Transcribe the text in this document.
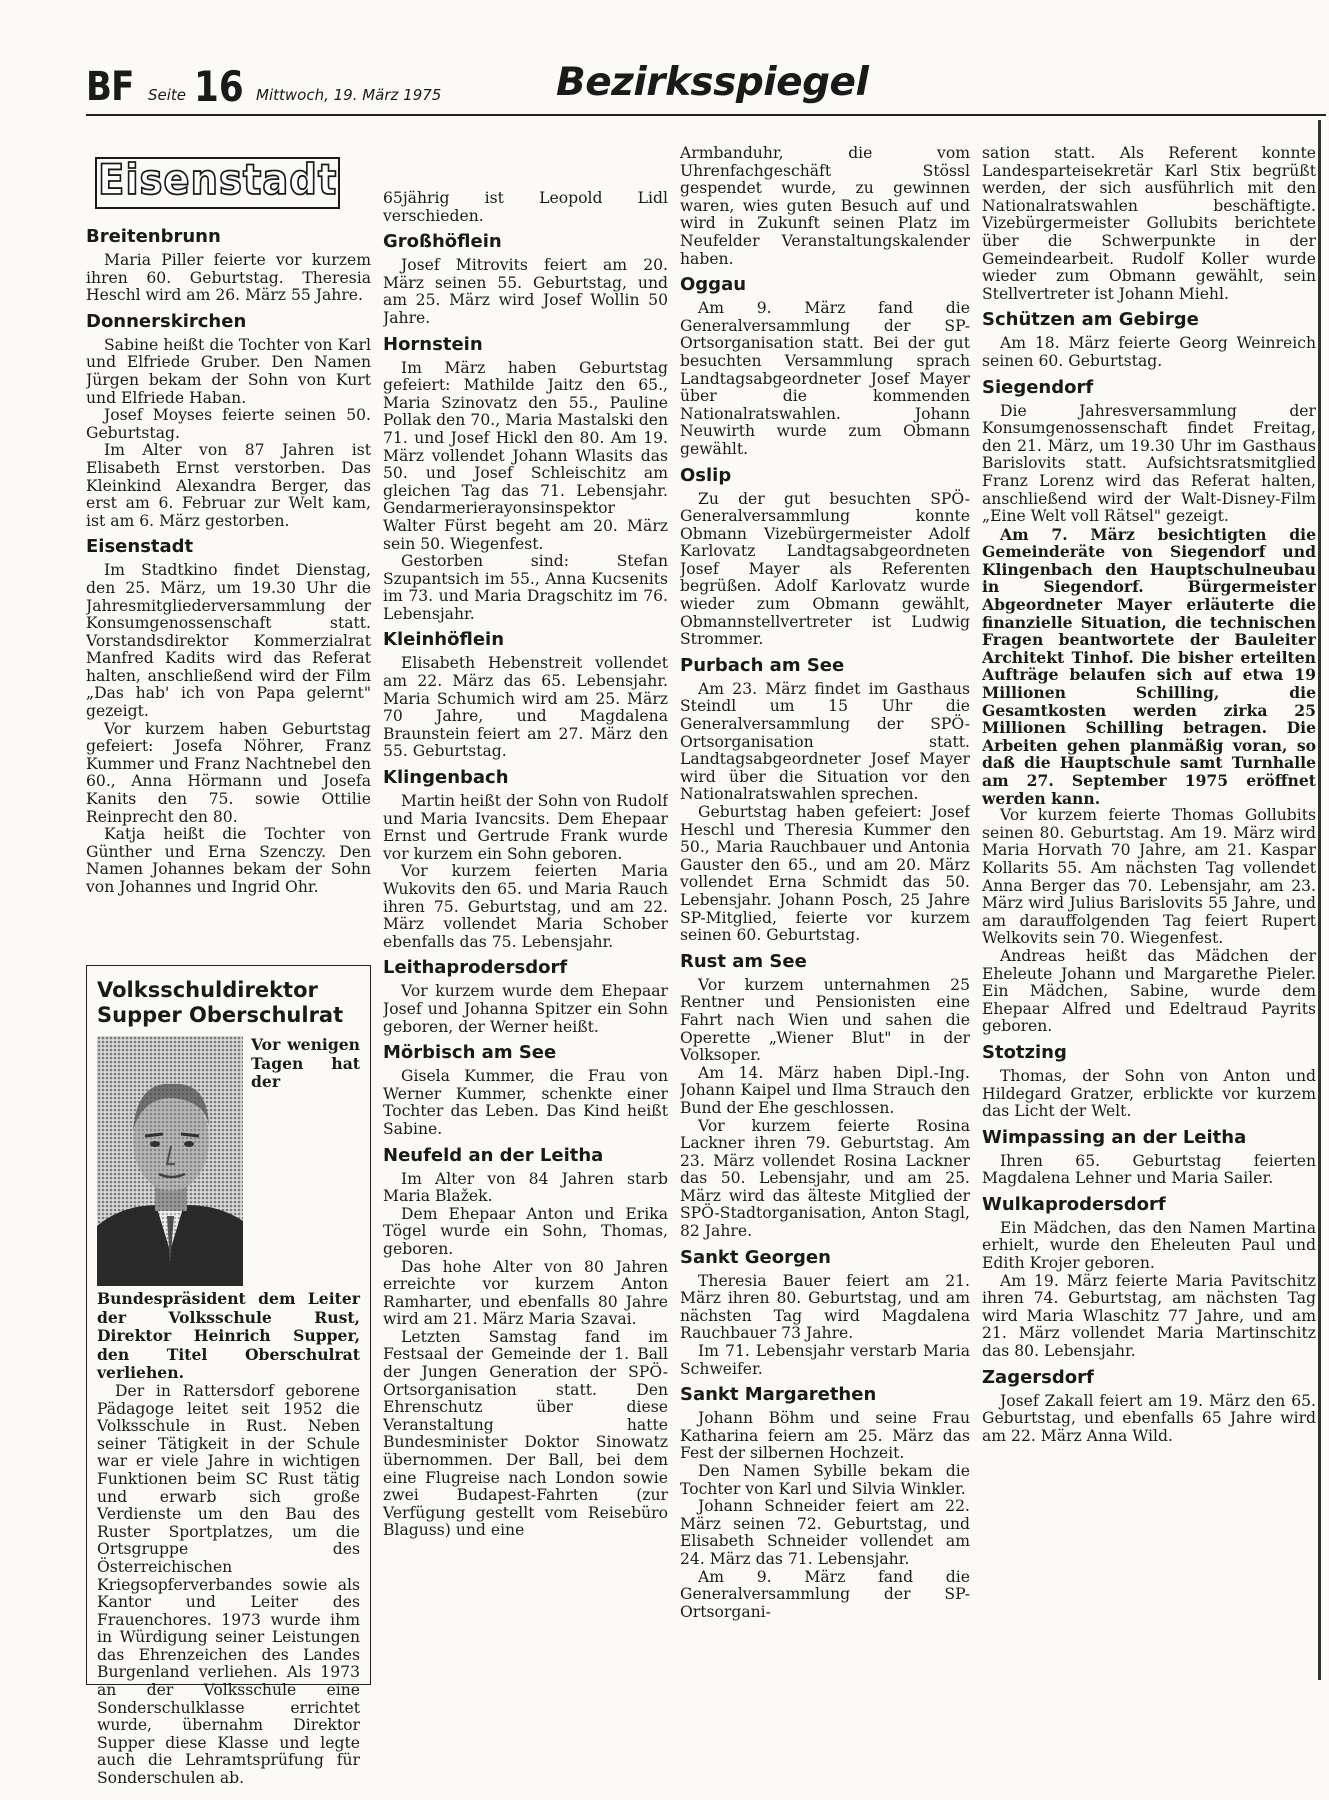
BF Seite 16 Mittwoch, 19. März 1975	Bezirksspiegel
Eisenstadt
Breitenbrunn

Maria Piller feierte vor kurzem ihren 60. Geburtstag. Theresia Heschl wird am 26. März 55 Jahre.

Donnerskirchen

Sabine heißt die Tochter von Karl und Elfriede Gruber. Den Namen Jürgen bekam der Sohn von Kurt und Elfriede Haban.

Josef Moyses feierte seinen 50. Geburtstag.

Im Alter von 87 Jahren ist Elisabeth Ernst verstorben. Das Kleinkind Alexandra Berger, das erst am 6. Februar zur Welt kam, ist am 6. März gestorben.

Eisenstadt

Im Stadtkino findet Dienstag, den 25. März, um 19.30 Uhr die Jahresmitgliederversammlung der Konsumgenossenschaft statt. Vorstandsdirektor Kommerzialrat Manfred Kadits wird das Referat halten, anschließend wird der Film „Das hab' ich von Papa gelernt" gezeigt.

Vor kurzem haben Geburtstag gefeiert: Josefa Nöhrer, Franz Kummer und Franz Nachtnebel den 60., Anna Hörmann und Josefa Kanits den 75. sowie Ottilie Reinprecht den 80.

Katja heißt die Tochter von Günther und Erna Szenczy. Den Namen Johannes bekam der Sohn von Johannes und Ingrid Ohr.

Volksschuldirektor Supper Oberschulrat

Vor wenigen Tagen hat der Bundespräsident dem Leiter der Volksschule Rust, Direktor Heinrich Supper, den Titel Oberschulrat verliehen.

Der in Rattersdorf geborene Pädagoge leitet seit 1952 die Volksschule in Rust. Neben seiner Tätigkeit in der Schule war er viele Jahre in wichtigen Funktionen beim SC Rust tätig und erwarb sich große Verdienste um den Bau des Ruster Sportplatzes, um die Ortsgruppe des Österreichischen Kriegsopferverbandes sowie als Kantor und Leiter des Frauenchores. 1973 wurde ihm in Würdigung seiner Leistungen das Ehrenzeichen des Landes Burgenland verliehen. Als 1973 an der Volksschule eine Sonderschulklasse errichtet wurde, übernahm Direktor Supper diese Klasse und legte auch die Lehramtsprüfung für Sonderschulen ab.

65jährig ist Leopold Lidl verschieden.

Großhöflein

Josef Mitrovits feiert am 20. März seinen 55. Geburtstag, und am 25. März wird Josef Wollin 50 Jahre.

Hornstein

Im März haben Geburtstag gefeiert: Mathilde Jaitz den 65., Maria Szinovatz den 55., Pauline Pollak den 70., Maria Mastalski den 71. und Josef Hickl den 80. Am 19. März vollendet Johann Wlasits das 50. und Josef Schleischitz am gleichen Tag das 71. Lebensjahr. Gendarmerierayonsinspektor Walter Fürst begeht am 20. März sein 50. Wiegenfest.

Gestorben sind: Stefan Szupantsich im 55., Anna Kucsenits im 73. und Maria Dragschitz im 76. Lebensjahr.

Kleinhöflein

Elisabeth Hebenstreit vollendet am 22. März das 65. Lebensjahr. Maria Schumich wird am 25. März 70 Jahre, und Magdalena Braunstein feiert am 27. März den 55. Geburtstag.

Klingenbach

Martin heißt der Sohn von Rudolf und Maria Ivancsits. Dem Ehepaar Ernst und Gertrude Frank wurde vor kurzem ein Sohn geboren.

Vor kurzem feierten Maria Wukovits den 65. und Maria Rauch ihren 75. Geburtstag, und am 22. März vollendet Maria Schober ebenfalls das 75. Lebensjahr.

Leithaprodersdorf

Vor kurzem wurde dem Ehepaar Josef und Johanna Spitzer ein Sohn geboren, der Werner heißt.

Mörbisch am See

Gisela Kummer, die Frau von Werner Kummer, schenkte einer Tochter das Leben. Das Kind heißt Sabine.

Neufeld an der Leitha

Im Alter von 84 Jahren starb Maria Blažek.

Dem Ehepaar Anton und Erika Tögel wurde ein Sohn, Thomas, geboren.

Das hohe Alter von 80 Jahren erreichte vor kurzem Anton Ramharter, und ebenfalls 80 Jahre wird am 21. März Maria Szavai.

Letzten Samstag fand im Festsaal der Gemeinde der 1. Ball der Jungen Generation der SPÖ-Ortsorganisation statt. Den Ehrenschutz über diese Veranstaltung hatte Bundesminister Doktor Sinowatz übernommen. Der Ball, bei dem eine Flugreise nach London sowie zwei Budapest-Fahrten (zur Verfügung gestellt vom Reisebüro Blaguss) und eine

Armbanduhr, die vom Uhrenfachgeschäft Stössl gespendet wurde, zu gewinnen waren, wies guten Besuch auf und wird in Zukunft seinen Platz im Neufelder Veranstaltungskalender haben.

Oggau

Am 9. März fand die Generalversammlung der SP-Ortsorganisation statt. Bei der gut besuchten Versammlung sprach Landtagsabgeordneter Josef Mayer über die kommenden Nationalratswahlen. Johann Neuwirth wurde zum Obmann gewählt.

Oslip

Zu der gut besuchten SPÖ-Generalversammlung konnte Obmann Vizebürgermeister Adolf Karlovatz Landtagsabgeordneten Josef Mayer als Referenten begrüßen. Adolf Karlovatz wurde wieder zum Obmann gewählt, Obmannstellvertreter ist Ludwig Strommer.

Purbach am See

Am 23. März findet im Gasthaus Steindl um 15 Uhr die Generalversammlung der SPÖ-Ortsorganisation statt. Landtagsabgeordneter Josef Mayer wird über die Situation vor den Nationalratswahlen sprechen.

Geburtstag haben gefeiert: Josef Heschl und Theresia Kummer den 50., Maria Rauchbauer und Antonia Gauster den 65., und am 20. März vollendet Erna Schmidt das 50. Lebensjahr. Johann Posch, 25 Jahre SP-Mitglied, feierte vor kurzem seinen 60. Geburtstag.

Rust am See

Vor kurzem unternahmen 25 Rentner und Pensionisten eine Fahrt nach Wien und sahen die Operette „Wiener Blut" in der Volksoper.

Am 14. März haben Dipl.-Ing. Johann Kaipel und Ilma Strauch den Bund der Ehe geschlossen.

Vor kurzem feierte Rosina Lackner ihren 79. Geburtstag. Am 23. März vollendet Rosina Lackner das 50. Lebensjahr, und am 25. März wird das älteste Mitglied der SPÖ-Stadtorganisation, Anton Stagl, 82 Jahre.

Sankt Georgen

Theresia Bauer feiert am 21. März ihren 80. Geburtstag, und am nächsten Tag wird Magdalena Rauchbauer 73 Jahre.

Im 71. Lebensjahr verstarb Maria Schweifer.

Sankt Margarethen

Johann Böhm und seine Frau Katharina feiern am 25. März das Fest der silbernen Hochzeit.

Den Namen Sybille bekam die Tochter von Karl und Silvia Winkler.

Johann Schneider feiert am 22. März seinen 72. Geburtstag, und Elisabeth Schneider vollendet am 24. März das 71. Lebensjahr.

Am 9. März fand die Generalversammlung der SP-Ortsorgani-

sation statt. Als Referent konnte Landesparteisekretär Karl Stix begrüßt werden, der sich ausführlich mit den Nationalratswahlen beschäftigte. Vizebürgermeister Gollubits berichtete über die Schwerpunkte in der Gemeindearbeit. Rudolf Koller wurde wieder zum Obmann gewählt, sein Stellvertreter ist Johann Miehl.

Schützen am Gebirge

Am 18. März feierte Georg Weinreich seinen 60. Geburtstag.

Siegendorf

Die Jahresversammlung der Konsumgenossenschaft findet Freitag, den 21. März, um 19.30 Uhr im Gasthaus Barislovits statt. Aufsichtsratsmitglied Franz Lorenz wird das Referat halten, anschließend wird der Walt-Disney-Film „Eine Welt voll Rätsel" gezeigt.

Am 7. März besichtigten die Gemeinderäte von Siegendorf und Klingenbach den Hauptschulneubau in Siegendorf. Bürgermeister Abgeordneter Mayer erläuterte die finanzielle Situation, die technischen Fragen beantwortete der Bauleiter Architekt Tinhof. Die bisher erteilten Aufträge belaufen sich auf etwa 19 Millionen Schilling, die Gesamtkosten werden zirka 25 Millionen Schilling betragen. Die Arbeiten gehen planmäßig voran, so daß die Hauptschule samt Turnhalle am 27. September 1975 eröffnet werden kann.

Vor kurzem feierte Thomas Gollubits seinen 80. Geburtstag. Am 19. März wird Maria Horvath 70 Jahre, am 21. Kaspar Kollarits 55. Am nächsten Tag vollendet Anna Berger das 70. Lebensjahr, am 23. März wird Julius Barislovits 55 Jahre, und am darauffolgenden Tag feiert Rupert Welkovits sein 70. Wiegenfest.

Andreas heißt das Mädchen der Eheleute Johann und Margarethe Pieler. Ein Mädchen, Sabine, wurde dem Ehepaar Alfred und Edeltraud Payrits geboren.

Stotzing

Thomas, der Sohn von Anton und Hildegard Gratzer, erblickte vor kurzem das Licht der Welt.

Wimpassing an der Leitha

Ihren 65. Geburtstag feierten Magdalena Lehner und Maria Sailer.

Wulkaprodersdorf

Ein Mädchen, das den Namen Martina erhielt, wurde den Eheleuten Paul und Edith Krojer geboren.

Am 19. März feierte Maria Pavitschitz ihren 74. Geburtstag, am nächsten Tag wird Maria Wlaschitz 77 Jahre, und am 21. März vollendet Maria Martinschitz das 80. Lebensjahr.

Zagersdorf

Josef Zakall feiert am 19. März den 65. Geburtstag, und ebenfalls 65 Jahre wird am 22. März Anna Wild.
